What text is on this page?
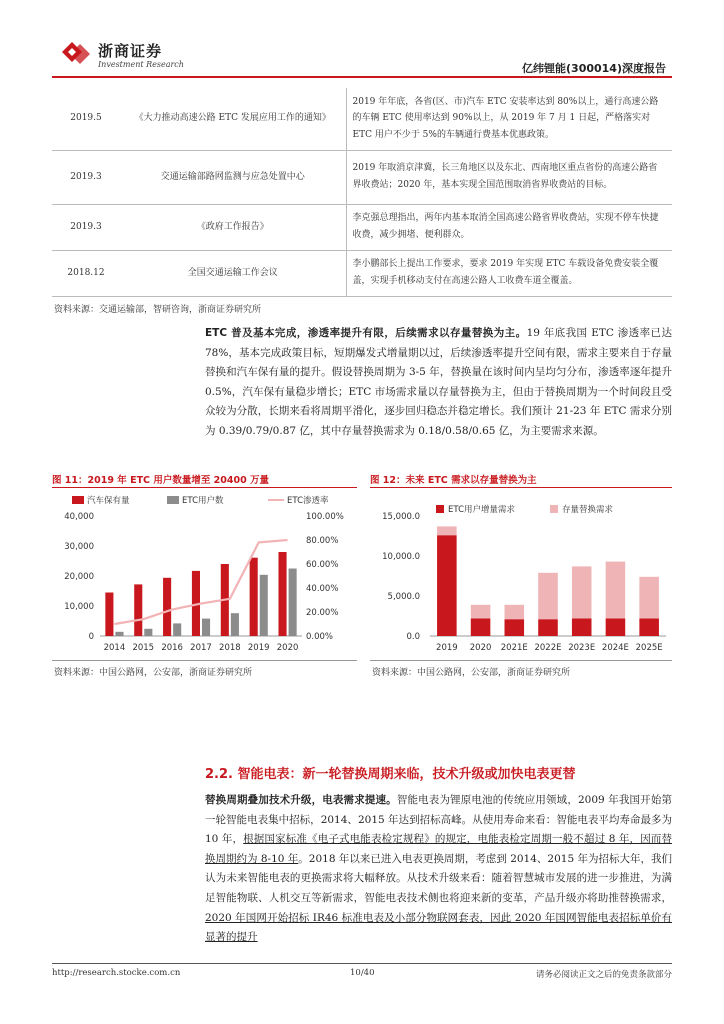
浙商证券
Investment Research	亿纬锂能(300014)深度报告
2019.5	《大力推动高速公路 ETC 发展应用工作的通知》	2019 年年底，各省(区、市)汽车 ETC 安装率达到 80%以上，通行高速公路的车辆 ETC 使用率达到 90%以上，从 2019 年 7 月 1 日起，严格落实对 ETC 用户不少于 5%的车辆通行费基本优惠政策。
2019.3	交通运输部路网监测与应急处置中心	2019 年取消京津冀，长三角地区以及东北、西南地区重点省份的高速公路省界收费站；2020 年，基本实现全国范围取消省界收费站的目标。
2019.3	《政府工作报告》	李克强总理指出，两年内基本取消全国高速公路省界收费站，实现不停车快捷收费，减少拥堵、便利群众。
2018.12	全国交通运输工作会议	李小鹏部长上提出工作要求，要求 2019 年实现 ETC 车载设备免费安装全覆盖，实现手机移动支付在高速公路人工收费车道全覆盖。
资料来源：交通运输部，智研咨询，浙商证券研究所
ETC 普及基本完成，渗透率提升有限，后续需求以存量替换为主。19 年底我国 ETC 渗透率已达 78%，基本完成政策目标，短期爆发式增量期以过，后续渗透率提升空间有限，需求主要来自于存量替换和汽车保有量的提升。假设替换周期为 3-5 年，替换量在该时间内呈均匀分布，渗透率逐年提升 0.5%，汽车保有量稳步增长；ETC 市场需求量以存量替换为主，但由于替换周期为一个时间段且受众较为分散，长期来看将周期平滑化，逐步回归稳态并稳定增长。我们预计 21-23 年 ETC 需求分别为 0.39/0.79/0.87 亿，其中存量替换需求为 0.18/0.58/0.65 亿，为主要需求来源。
图 11：2019 年 ETC 用户数量增至 20400 万量	图 12：未来 ETC 需求以存量替换为主
汽车保有量	ETC用户数	ETC渗透率
0
10,000
20,000
30,000
40,000
0.00%
20.00%
40.00%
60.00%
80.00%
100.00%
2014 2015 2016 2017 2018 2019 2020
ETC用户增量需求	存量替换需求
0.0
5,000.0
10,000.0
15,000.0
2019 2020 2021E 2022E 2023E 2024E 2025E
资料来源：中国公路网，公安部，浙商证券研究所	资料来源：中国公路网，公安部，浙商证券研究所
2.2. 智能电表：新一轮替换周期来临，技术升级或加快电表更替
替换周期叠加技术升级，电表需求提速。智能电表为锂原电池的传统应用领域，2009 年我国开始第一轮智能电表集中招标，2014、2015 年达到招标高峰。从使用寿命来看：智能电表平均寿命最多为 10 年，根据国家标准《电子式电能表检定规程》的规定，电能表检定周期一般不超过 8 年，因而替换周期约为 8-10 年。2018 年以来已进入电表更换周期，考虑到 2014、2015 年为招标大年，我们认为未来智能电表的更换需求将大幅释放。从技术升级来看：随着智慧城市发展的进一步推进，为满足智能物联、人机交互等新需求，智能电表技术侧也将迎来新的变革，产品升级亦将助推替换需求，2020 年国网开始招标 IR46 标准电表及小部分物联网套表，因此 2020 年国网智能电表招标单价有显著的提升
http://research.stocke.com.cn	10/40	请务必阅读正文之后的免责条款部分
